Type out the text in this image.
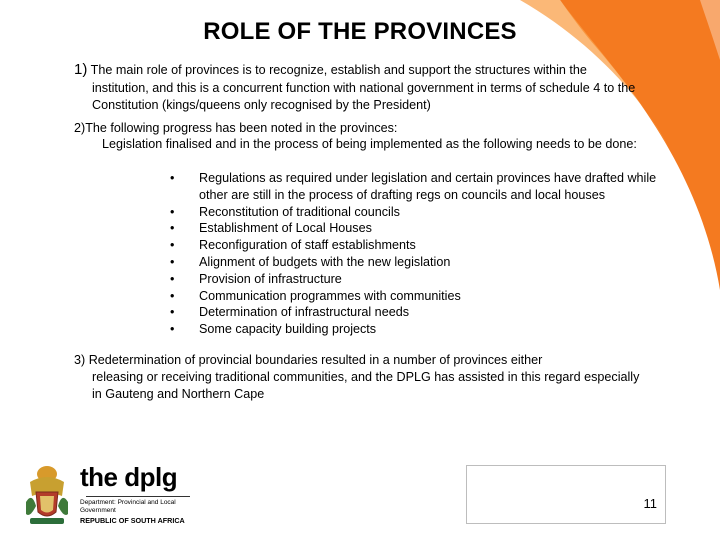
ROLE OF THE PROVINCES
1) The main role of provinces is to recognize, establish and support the structures within the
institution, and this is a concurrent function with national government in terms of schedule 4 to the Constitution (kings/queens only recognised by the President)
2)The following progress has been noted in the provinces:
Legislation finalised and in the process of being implemented as the following needs to be done:
• Regulations as required under legislation and certain provinces have drafted while other are still in the process of drafting regs on councils and local houses
• Reconstitution of traditional councils
• Establishment of Local Houses
• Reconfiguration of staff establishments
• Alignment of budgets with the new legislation
• Provision of infrastructure
• Communication programmes with communities
• Determination of infrastructural needs
• Some capacity building projects
3) Redetermination of provincial boundaries resulted in a number of provinces either
releasing or receiving traditional communities, and the DPLG has assisted in this regard especially in Gauteng and Northern Cape
the dplg
Department: Provincial and Local Government
REPUBLIC OF SOUTH AFRICA
11
